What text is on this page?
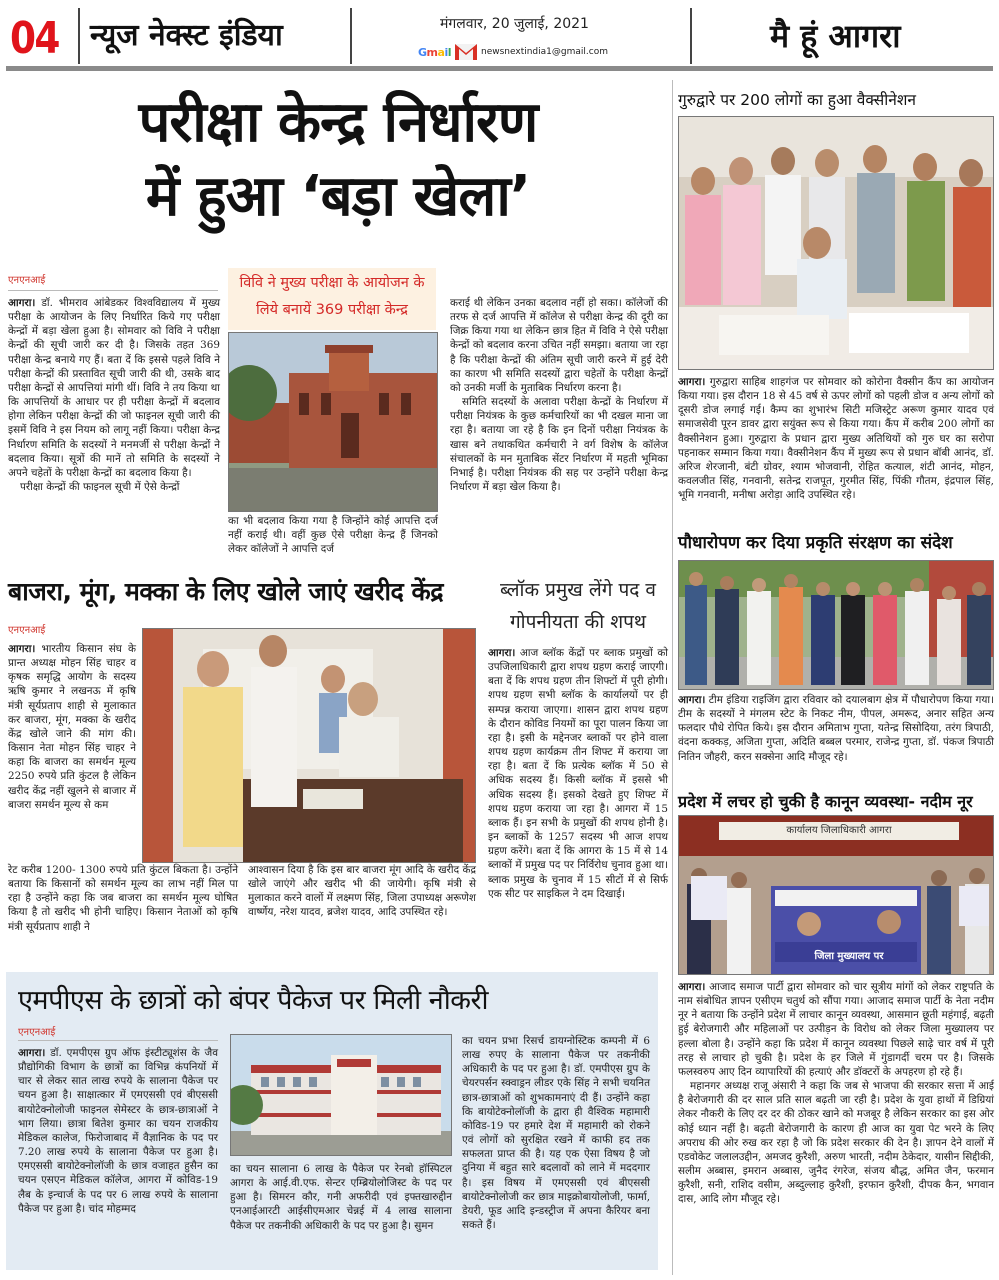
04 न्यूज नेक्स्ट इंडिया	मंगलवार, 20 जुलाई, 2021
Gmail	newsnextindia1@gmail.com	मै हूं आगरा
परीक्षा केन्द्र निर्धारण
में हुआ ‘बड़ा खेला’
एनएनआई

आगरा। डॉ. भीमराव आंबेडकर विश्वविद्यालय में मुख्य परीक्षा के आयोजन के लिए निर्धारित किये गए परीक्षा केन्द्रों में बड़ा खेला हुआ है। सोमवार को विवि ने परीक्षा केन्द्रों की सूची जारी कर दी है। जिसके तहत 369 परीक्षा केन्द्र बनाये गए हैं। बता दें कि इससे पहले विवि ने परीक्षा केन्द्रों की प्रस्तावित सूची जारी की थी, उसके बाद परीक्षा केन्द्रों से आपत्तियां मांगी थीं। विवि ने तय किया था कि आपत्तियों के आधार पर ही परीक्षा केन्द्रों में बदलाव होगा लेकिन परीक्षा केन्द्रों की जो फाइनल सूची जारी की इसमें विवि ने इस नियम को लागू नहीं किया। परीक्षा केन्द्र निर्धारण समिति के सदस्यों ने मनमर्जी से परीक्षा केन्द्रों ने बदलाव किया। सूत्रों की मानें तो समिति के सदस्यों ने अपने चहेतों के परीक्षा केन्द्रों का बदलाव किया है।

परीक्षा केन्द्रों की फाइनल सूची में ऐसे केन्द्रों

विवि ने मुख्य परीक्षा के आयोजन के लिये बनायें 369 परीक्षा केन्द्र
का भी बदलाव किया गया है जिन्होंने कोई आपत्ति दर्ज नहीं कराई थी। वहीं कुछ ऐसे परीक्षा केन्द्र हैं जिनको लेकर कॉलेजों ने आपत्ति दर्ज

कराई थी लेकिन उनका बदलाव नहीं हो सका। कॉलेजों की तरफ से दर्ज आपत्ति में कॉलेज से परीक्षा केन्द्र की दूरी का जिक्र किया गया था लेकिन छात्र हित में विवि ने ऐसे परीक्षा केन्द्रों को बदलाव करना उचित नहीं समझा। बताया जा रहा है कि परीक्षा केन्द्रों की अंतिम सूची जारी करने में हुई देरी का कारण भी समिति सदस्यों द्वारा चहेतों के परीक्षा केन्द्रों को उनकी मर्जी के मुताबिक निर्धारण करना है।

समिति सदस्यों के अलावा परीक्षा केन्द्रों के निर्धारण में परीक्षा नियंत्रक के कुछ कर्मचारियों का भी दखल माना जा रहा है। बताया जा रहे है कि इन दिनों परीक्षा नियंत्रक के खास बने तथाकथित कर्मचारी ने वर्ग विशेष के कॉलेज संचालकों के मन मुताबिक सेंटर निर्धारण में महती भूमिका निभाई है। परीक्षा नियंत्रक की सह पर उन्होंने परीक्षा केन्द्र निर्धारण में बड़ा खेल किया है।

बाजरा, मूंग, मक्का के लिए खोले जाएं खरीद केंद्र
एनएनआई
आगरा। भारतीय किसान संघ के प्रान्त अध्यक्ष मोहन सिंह चाहर व कृषक समृद्धि आयोग के सदस्य ऋषि कुमार ने लखनऊ में कृषि मंत्री सूर्यप्रताप शाही से मुलाकात कर बाजरा, मूंग, मक्का के खरीद केंद्र खोले जाने की मांग की। किसान नेता मोहन सिंह चाहर ने कहा कि बाजरा का समर्थन मूल्य 2250 रुपये प्रति कुंटल है लेकिन खरीद केंद्र नहीं खुलने से बाजार में बाजरा समर्थन मूल्य से कम
रेट करीब 1200- 1300 रुपये प्रति कुंटल बिकता है। उन्होंने बताया कि किसानों को समर्थन मूल्य का लाभ नहीं मिल पा रहा है उन्होंने कहा कि जब बाजरा का समर्थन मूल्य घोषित किया है तो खरीद भी होनी चाहिए। किसान नेताओं को कृषि मंत्री सूर्यप्रताप शाही ने
आश्वासन दिया है कि इस बार बाजरा मूंग आदि के खरीद केंद्र खोले जाएंगे और खरीद भी की जायेगी। कृषि मंत्री से मुलाकात करने वालों में लक्ष्मण सिंह, जिला उपाध्यक्ष अरूणेश वार्ष्णेय, नरेश यादव, ब्रजेश यादव, आदि उपस्थित रहे।
ब्लॉक प्रमुख लेंगे पद व गोपनीयता की शपथ
आगरा। आज ब्लॉक केंद्रों पर ब्लाक प्रमुखों को उपजिलाधिकारी द्वारा शपथ ग्रहण कराई जाएगी। बता दें कि शपथ ग्रहण तीन शिफ्टों में पूरी होगी। शपथ ग्रहण सभी ब्लॉक के कार्यालयों पर ही सम्पन्न कराया जाएगा। शासन द्वारा शपथ ग्रहण के दौरान कोविड नियमों का पूरा पालन किया जा रहा है। इसी के मद्देनजर ब्लाकों पर होने वाला शपथ ग्रहण कार्यक्रम तीन शिफ्ट में कराया जा रहा है। बता दें कि प्रत्येक ब्लॉक में 50 से अधिक सदस्य हैं। किसी ब्लॉक में इससे भी अधिक सदस्य हैं। इसको देखते हुए शिफ्ट में शपथ ग्रहण कराया जा रहा है। आगरा में 15 ब्लाक हैं। इन सभी के प्रमुखों की शपथ होनी है। इन ब्लाकों के 1257 सदस्य भी आज शपथ ग्रहण करेंगे। बता दें कि आगरा के 15 में से 14 ब्लाकों में प्रमुख पद पर निर्विरोध चुनाव हुआ था। ब्लाक प्रमुख के चुनाव में 15 सीटों में से सिर्फ एक सीट पर साइकिल ने दम दिखाई।
एमपीएस के छात्रों को बंपर पैकेज पर मिली नौकरी
एनएनआई
आगरा। डॉ. एमपीएस ग्रुप ऑफ इंस्टीट्यूशंस के जैव प्रौद्योगिकी विभाग के छात्रों का विभिन्न कंपनियों में चार से लेकर सात लाख रुपये के सालाना पैकेज पर चयन हुआ है। साक्षात्कार में एमएससी एवं बीएससी बायोटेक्नोलोजी फाइनल सेमेस्टर के छात्र-छात्राओं ने भाग लिया। छात्रा बितेश कुमार का चयन राजकीय मेडिकल कालेज, फिरोजाबाद में वैज्ञानिक के पद पर 7.20 लाख रुपये के सालाना पैकेज पर हुआ है। एमएससी बायोटेक्नोलॉजी के छात्र वजाहत हुसैन का चयन एसएन मेडिकल कॉलेज, आगरा में कोविड-19 लैब के इन्चार्ज के पद पर 6 लाख रुपये के सालाना पैकेज पर हुआ है। चांद मोहम्मद
का चयन सालाना 6 लाख के पैकेज पर रेनबो हॉस्पिटल आगरा के आई.वी.एफ. सेन्टर एम्ब्रियोलोजिस्ट के पद पर हुआ है। सिमरन कौर, गनी अफरीदी एवं इफ्तखारुद्दीन एनआईआरटी आईसीएमआर चेन्नई में 4 लाख सालाना पैकेज पर तकनीकी अधिकारी के पद पर हुआ है। सुमन
का चयन प्रभा रिसर्च डायग्नोस्टिक कम्पनी में 6 लाख रुपए के सालाना पैकेज पर तकनीकी अधिकारी के पद पर हुआ है। डॉ. एमपीएस ग्रुप के चेयरपर्सन स्क्वाड्रन लीडर एके सिंह ने सभी चयनित छात्र-छात्राओं को शुभकामनाएं दी हैं। उन्होंने कहा कि बायोटेक्नोलॉजी के द्वारा ही वैश्विक महामारी कोविड-19 पर हमारे देश में महामारी को रोकने एवं लोगों को सुरक्षित रखने में काफी हद तक सफलता प्राप्त की है। यह एक ऐसा विषय है जो दुनिया में बहुत सारे बदलावों को लाने में मददगार है। इस विषय में एमएससी एवं बीएससी बायोटेक्नोलोजी कर छात्र माइक्रोबायोलोजी, फार्मा, डेयरी, फूड आदि इन्डस्ट्रीज में अपना कैरियर बना सकते हैं।
गुरुद्वारे पर 200 लोगों का हुआ वैक्सीनेशन
आगरा। गुरुद्वारा साहिब शाहगंज पर सोमवार को कोरोना वैक्सीन कैंप का आयोजन किया गया। इस दौरान 18 से 45 वर्ष से ऊपर लोगों को पहली डोज व अन्य लोगों को दूसरी डोज लगाई गई। कैम्प का शुभारंभ सिटी मजिस्ट्रेट अरूण कुमार यादव एवं समाजसेवी पूरन डावर द्वारा सयुंक्त रूप से किया गया। कैंप में करीब 200 लोगों का वैक्सीनेशन हुआ। गुरुद्वारा के प्रधान द्वारा मुख्य अतिथियों को गुरु घर का सरोपा पहनाकर सम्मान किया गया। वैक्सीनेशन कैंप में मुख्य रूप से प्रधान बॉबी आनंद, डॉ. अरिज शेरजानी, बंटी ग्रोवर, श्याम भोजवानी, रोहित कत्याल, शंटी आनंद, मोहन, कवलजीत सिंह, गनवानी, सतेन्द्र राजपूत, गुरमीत सिंह, पिंकी गौतम, इंद्रपाल सिंह, भूमि गनवानी, मनीषा अरोड़ा आदि उपस्थित रहे।
पौधारोपण कर दिया प्रकृति संरक्षण का संदेश
आगरा। टीम इंडिया राइजिंग द्वारा रविवार को दयालबाग क्षेत्र में पौधारोपण किया गया। टीम के सदस्यों ने मंगलम स्टेट के निकट नीम, पीपल, अमरूद, अनार सहित अन्य फलदार पौधे रोपित किये। इस दौरान अमिताभ गुप्ता, यतेन्द्र सिसोदिया, तरंग त्रिपाठी, वंदना कक्कड़, अजिता गुप्ता, अदिति बब्बल परमार, राजेन्द्र गुप्ता, डॉ. पंकज त्रिपाठी नितिन जौहरी, करन सक्सेना आदि मौजूद रहे।
प्रदेश में लचर हो चुकी है कानून व्यवस्था- नदीम नूर
जिला मुख्यालय पर
कार्यालय जिलाधिकारी आगरा

आगरा। आजाद समाज पार्टी द्वारा सोमवार को चार सूत्रीय मांगों को लेकर राष्ट्रपति के नाम संबोधित ज्ञापन एसीएम चतुर्थ को सौंपा गया। आजाद समाज पार्टी के नेता नदीम नूर ने बताया कि उन्होंने प्रदेश में लाचार कानून व्यवस्था, आसमान छूती महंगाई, बढ़ती हुई बेरोजगारी और महिलाओं पर उत्पीड़न के विरोध को लेकर जिला मुख्यालय पर हल्ला बोला है। उन्होंने कहा कि प्रदेश में कानून व्यवस्था पिछले साढ़े चार वर्ष में पूरी तरह से लाचार हो चुकी है। प्रदेश के हर जिले में गुंडागर्दी चरम पर है। जिसके फलस्वरुप आए दिन व्यापारियों की हत्याएं और डॉक्टरों के अपहरण हो रहे हैं।

महानगर अध्यक्ष राजू अंसारी ने कहा कि जब से भाजपा की सरकार सत्ता में आई है बेरोजगारी की दर साल प्रति साल बढ़ती जा रही है। प्रदेश के युवा हाथों में डिग्रियां लेकर नौकरी के लिए दर दर की ठोकर खाने को मजबूर है लेकिन सरकार का इस ओर कोई ध्यान नहीं है। बढ़ती बेरोजगारी के कारण ही आज का युवा पेट भरने के लिए अपराध की ओर रुख कर रहा है जो कि प्रदेश सरकार की देन है। ज्ञापन देने वालों में एडवोकेट जलालउद्दीन, अमजद कुरैशी, अरुण भारती, नदीम ठेकेदार, यासीन सिद्दीकी, सलीम अब्बास, इमरान अब्बास, जुनैद रंगरेज, संजय बौद्ध, अमित जैन, फरमान कुरैशी, सनी, राशिद वसीम, अब्दुल्लाह कुरैशी, इरफान कुरैशी, दीपक कैन, भगवान दास, आदि लोग मौजूद रहे।
